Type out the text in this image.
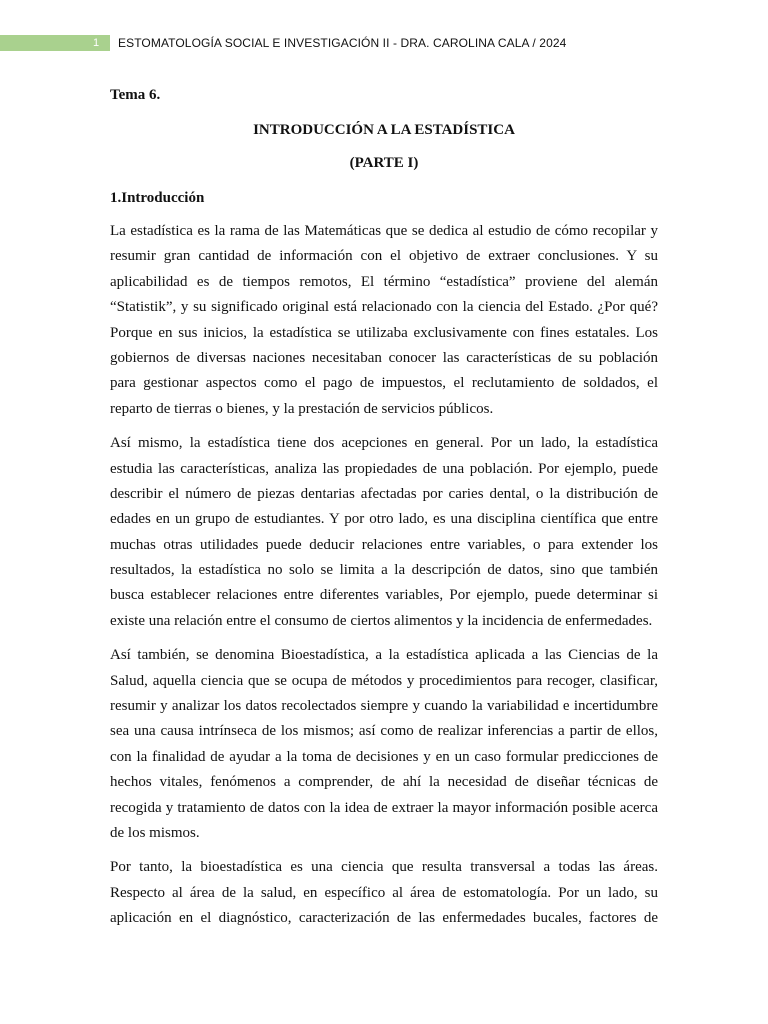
1	ESTOMATOLOGÍA SOCIAL E INVESTIGACIÓN II - DRA. CAROLINA CALA / 2024

Tema 6.

INTRODUCCIÓN A LA ESTADÍSTICA

(PARTE I)

1.Introducción

La estadística es la rama de las Matemáticas que se dedica al estudio de cómo recopilar y
resumir gran cantidad de información con el objetivo de extraer conclusiones. Y su
aplicabilidad es de tiempos remotos, El término “estadística” proviene del alemán
“Statistik”, y su significado original está relacionado con la ciencia del Estado. ¿Por qué?
Porque en sus inicios, la estadística se utilizaba exclusivamente con fines estatales. Los
gobiernos de diversas naciones necesitaban conocer las características de su población
para gestionar aspectos como el pago de impuestos, el reclutamiento de soldados, el
reparto de tierras o bienes, y la prestación de servicios públicos.
Así mismo, la estadística tiene dos acepciones en general. Por un lado, la estadística
estudia las características, analiza las propiedades de una población. Por ejemplo, puede
describir el número de piezas dentarias afectadas por caries dental, o la distribución de
edades en un grupo de estudiantes. Y por otro lado, es una disciplina científica que entre
muchas otras utilidades puede deducir relaciones entre variables, o para extender los
resultados, la estadística no solo se limita a la descripción de datos, sino que también
busca establecer relaciones entre diferentes variables, Por ejemplo, puede determinar si
existe una relación entre el consumo de ciertos alimentos y la incidencia de enfermedades.
Así también, se denomina Bioestadística, a la estadística aplicada a las Ciencias de la
Salud, aquella ciencia que se ocupa de métodos y procedimientos para recoger, clasificar,
resumir y analizar los datos recolectados siempre y cuando la variabilidad e incertidumbre
sea una causa intrínseca de los mismos; así como de realizar inferencias a partir de ellos,
con la finalidad de ayudar a la toma de decisiones y en un caso formular predicciones de
hechos vitales, fenómenos a comprender, de ahí la necesidad de diseñar técnicas de
recogida y tratamiento de datos con la idea de extraer la mayor información posible acerca
de los mismos.
Por tanto, la bioestadística es una ciencia que resulta transversal a todas las áreas.
Respecto al área de la salud, en específico al área de estomatología. Por un lado, su
aplicación en el diagnóstico, caracterización de las enfermedades bucales, factores de
